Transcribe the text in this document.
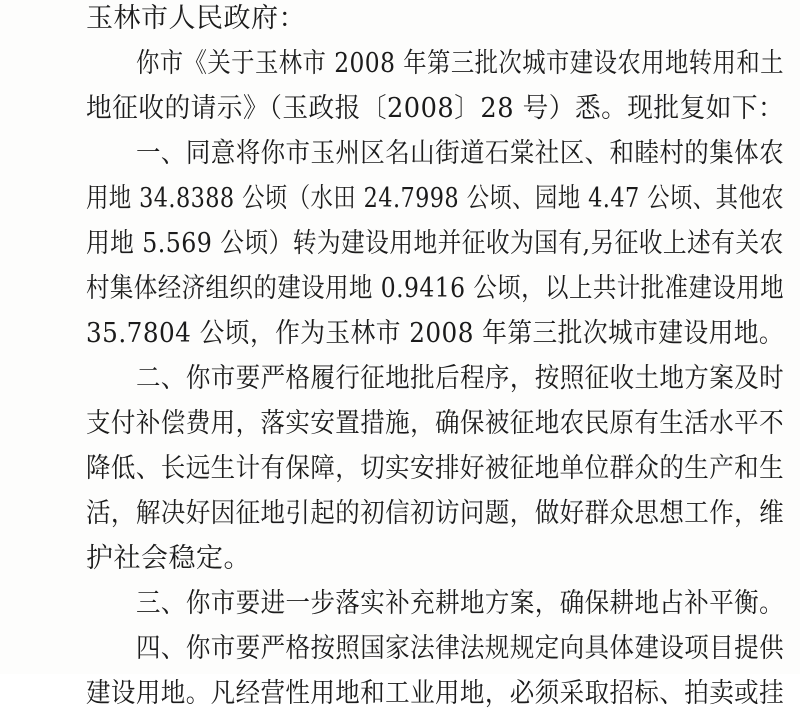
玉林市人民政府：
你市《关于玉林市 2008 年第三批次城市建设农用地转用和土
地征收的请示》（玉政报〔2008〕28 号）悉。现批复如下：
一、同意将你市玉州区名山街道石棠社区、和睦村的集体农
用地 34.8388 公顷（水田 24.7998 公顷、园地 4.47 公顷、其他农
用地 5.569 公顷）转为建设用地并征收为国有,另征收上述有关农
村集体经济组织的建设用地 0.9416 公顷，以上共计批准建设用地
35.7804 公顷，作为玉林市 2008 年第三批次城市建设用地。
二、你市要严格履行征地批后程序，按照征收土地方案及时
支付补偿费用，落实安置措施，确保被征地农民原有生活水平不
降低、长远生计有保障，切实安排好被征地单位群众的生产和生
活，解决好因征地引起的初信初访问题，做好群众思想工作，维
护社会稳定。
三、你市要进一步落实补充耕地方案，确保耕地占补平衡。
四、你市要严格按照国家法律法规规定向具体建设项目提供
建设用地。凡经营性用地和工业用地，必须采取招标、拍卖或挂
